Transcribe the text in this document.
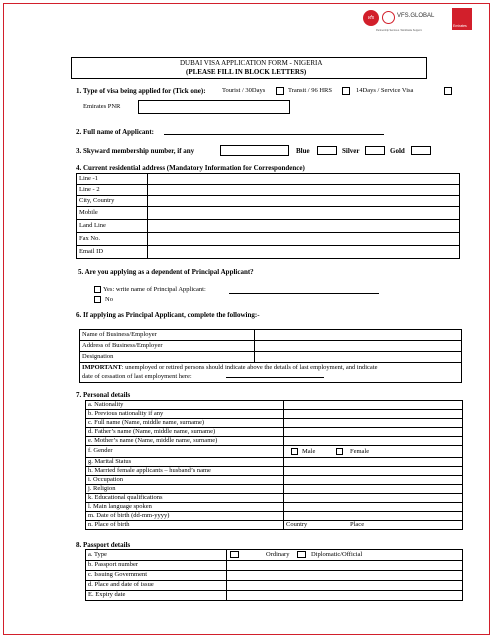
vfs	VFS.GLOBAL
Partnership Services. Worldwide Support.
Emirates
DUBAI VISA APPLICATION FORM - NIGERIA
(PLEASE FILL IN BLOCK LETTERS)
1. Type of visa being applied for (Tick one):	Tourist / 30Days	Transit / 96 HRS	14Days / Service Visa
Emirates PNR
2. Full name of Applicant:
3. Skyward membership number, if any	Blue	Silver	Gold
4. Current residential address (Mandatory Information for Correspondence)
Line -1	
Line - 2	
City, Country	
Mobile	
Land Line	
Fax No.	
Email ID	
5. Are you applying as a dependent of Principal Applicant?
Yes: write name of Principal Applicant:
No
6. If applying as Principal Applicant, complete the following:-
Name of Business/Employer	
Address of Business/Employer	
Designation	
IMPORTANT: unemployed or retired persons should indicate above the details of last employment, and indicate
date of cessation of last employment here:	
7. Personal details
a. Nationality	
b. Previous nationality if any	
c. Full name (Name, middle name, surname)	
d. Father’s name (Name, middle name, surname)	
e. Mother’s name (Name, middle name, surname)	
f. Gender	Male Female

g. Marital Status	
h. Married female applicants – husband’s name	
i. Occupation	
j. Religion	
k. Educational qualifications	
l. Main language spoken	
m. Date of birth (dd-mm-yyyy)	
n. Place of birth	Country Place
8. Passport details
a. Type	Ordinary Diplomatic/Official

b. Passport number	
c. Issuing Government	
d. Place and date of issue	
E. Expiry date	
